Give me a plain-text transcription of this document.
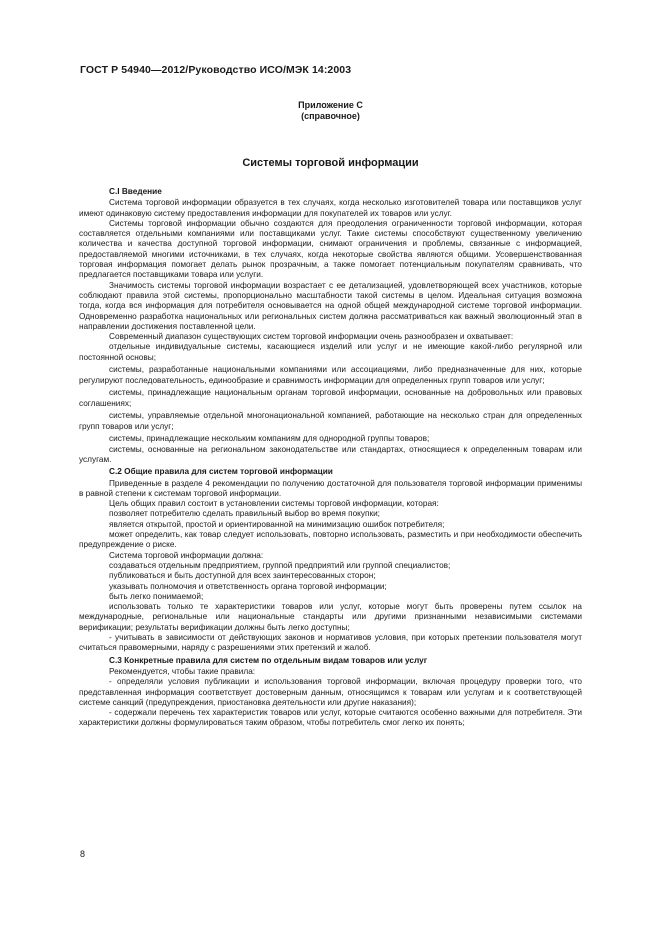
ГОСТ Р 54940—2012/Руководство ИСО/МЭК 14:2003
Приложение С
(справочное)
Системы торговой информации
С.I Введение

Система торговой информации образуется в тех случаях, когда несколько изготовителей товара или поставщиков услуг имеют одинаковую систему предоставления информации для покупателей их товаров или услуг.

Системы торговой информации обычно создаются для преодоления ограниченности торговой информации, которая составляется отдельными компаниями или поставщиками услуг. Такие системы способствуют существенному увеличению количества и качества доступной торговой информации, снимают ограничения и проблемы, связанные с информацией, предоставляемой многими источниками, в тех случаях, когда некоторые свойства являются общими. Усовершенствованная торговая информация помогает делать рынок прозрачным, а также помогает потенциальным покупателям сравнивать, что предлагается поставщиками товара или услуги.

Значимость системы торговой информации возрастает с ее детализацией, удовлетворяющей всех участников, которые соблюдают правила этой системы, пропорционально масштабности такой системы в целом. Идеальная ситуация возможна тогда, когда вся информация для потребителя основывается на одной общей международной системе торговой информации. Одновременно разработка национальных или региональных систем должна рассматриваться как важный эволюционный этап в направлении достижения поставленной цели.

Современный диапазон существующих систем торговой информации очень разнообразен и охватывает:

отдельные индивидуальные системы, касающиеся изделий или услуг и не имеющие какой-либо регулярной или постоянной основы;

системы, разработанные национальными компаниями или ассоциациями, либо предназначенные для них, которые регулируют последовательность, единообразие и сравнимость информации для определенных групп товаров или услуг;

системы, принадлежащие национальным органам торговой информации, основанные на добровольных или правовых соглашениях;

системы, управляемые отдельной многонациональной компанией, работающие на несколько стран для определенных групп товаров или услуг;

системы, принадлежащие нескольким компаниям для однородной группы товаров;

системы, основанные на региональном законодательстве или стандартах, относящиеся к определенным товарам или услугам.

С.2 Общие правила для систем торговой информации

Приведенные в разделе 4 рекомендации по получению достаточной для пользователя торговой информации применимы в равной степени к системам торговой информации.

Цель общих правил состоит в установлении системы торговой информации, которая:

позволяет потребителю сделать правильный выбор во время покупки;

является открытой, простой и ориентированной на минимизацию ошибок потребителя;

может определить, как товар следует использовать, повторно использовать, разместить и при необходимости обеспечить предупреждение о риске.

Система торговой информации должна:

создаваться отдельным предприятием, группой предприятий или группой специалистов;

публиковаться и быть доступной для всех заинтересованных сторон;

указывать полномочия и ответственность органа торговой информации;

быть легко понимаемой;

использовать только те характеристики товаров или услуг, которые могут быть проверены путем ссылок на международные, региональные или национальные стандарты или другими признанными независимыми системами верификации; результаты верификации должны быть легко доступны;

- учитывать в зависимости от действующих законов и нормативов условия, при которых претензии пользователя могут считаться правомерными, наряду с разрешениями этих претензий и жалоб.

С.3 Конкретные правила для систем по отдельным видам товаров или услуг

Рекомендуется, чтобы такие правила:

- определяли условия публикации и использования торговой информации, включая процедуру проверки того, что представленная информация соответствует достоверным данным, относящимся к товарам или услугам и к соответствующей системе санкций (предупреждения, приостановка деятельности или другие наказания);

- содержали перечень тех характеристик товаров или услуг, которые считаются особенно важными для потребителя. Эти характеристики должны формулироваться таким образом, чтобы потребитель смог легко их понять;

8
